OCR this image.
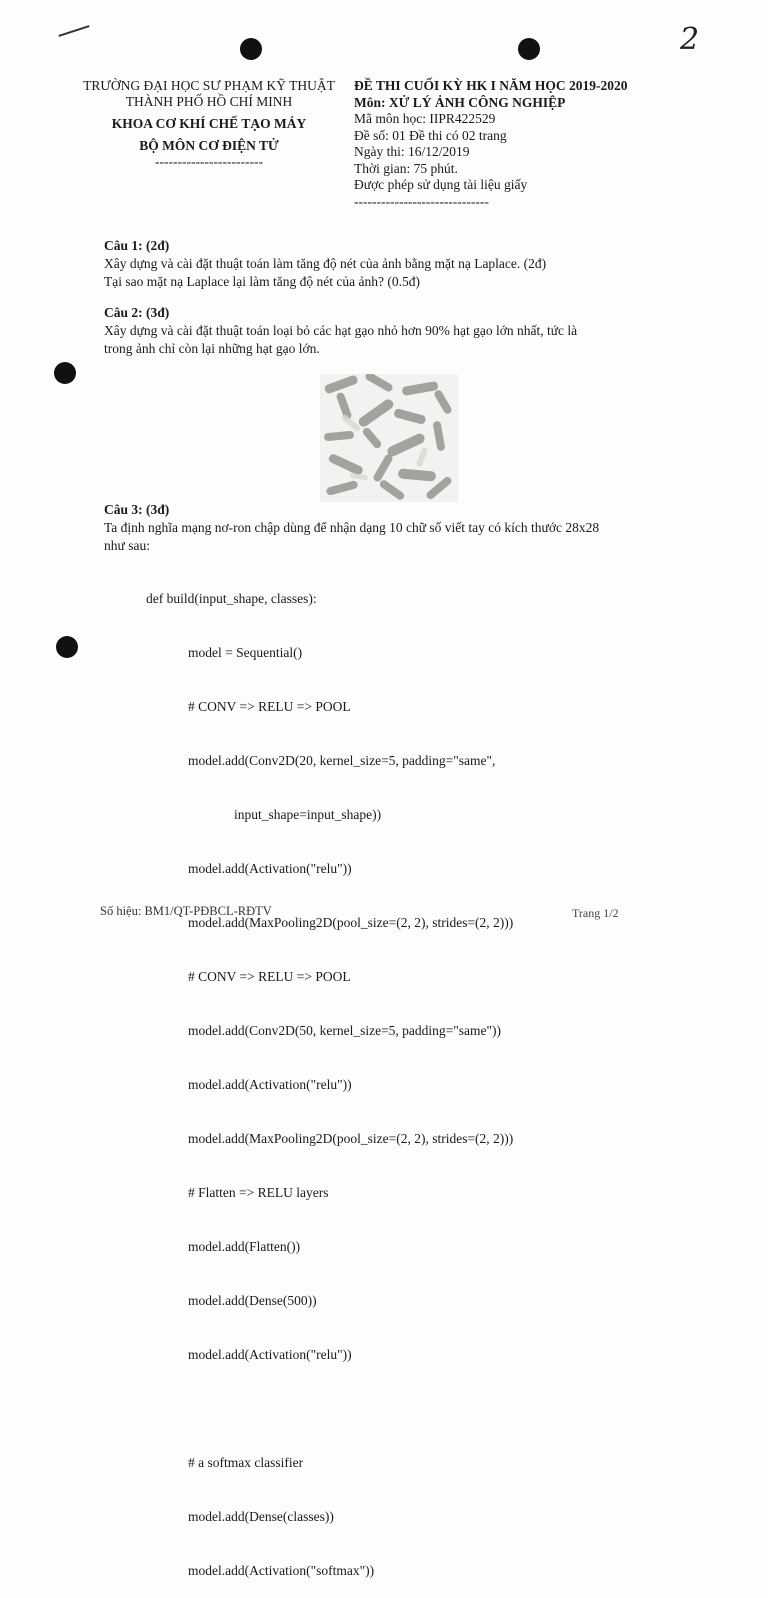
2
TRƯỜNG ĐẠI HỌC SƯ PHẠM KỸ THUẬT
THÀNH PHỐ HỒ CHÍ MINH
KHOA CƠ KHÍ CHẾ TẠO MÁY
BỘ MÔN CƠ ĐIỆN TỬ
------------------------
ĐỀ THI CUỐI KỲ HK I NĂM HỌC 2019-2020
Môn: XỬ LÝ ẢNH CÔNG NGHIỆP
Mã môn học: IIPR422529
Đề số: 01 Đề thi có 02 trang
Ngày thi: 16/12/2019
Thời gian: 75 phút.
Được phép sử dụng tài liệu giấy
------------------------------
Câu 1: (2đ)
Xây dựng và cài đặt thuật toán làm tăng độ nét của ảnh bằng mặt nạ Laplace. (2đ)
Tại sao mặt nạ Laplace lại làm tăng độ nét của ảnh? (0.5đ)
Câu 2: (3đ)
Xây dựng và cài đặt thuật toán loại bỏ các hạt gạo nhỏ hơn 90% hạt gạo lớn nhất, tức là
trong ảnh chỉ còn lại những hạt gạo lớn.
Câu 3: (3đ)
Ta định nghĩa mạng nơ-ron chập dùng để nhận dạng 10 chữ số viết tay có kích thước 28x28
như sau:

def build(input_shape, classes):

model = Sequential()

# CONV => RELU => POOL

model.add(Conv2D(20, kernel_size=5, padding="same",

input_shape=input_shape))

model.add(Activation("relu"))

model.add(MaxPooling2D(pool_size=(2, 2), strides=(2, 2)))

# CONV => RELU => POOL

model.add(Conv2D(50, kernel_size=5, padding="same"))

model.add(Activation("relu"))

model.add(MaxPooling2D(pool_size=(2, 2), strides=(2, 2)))

# Flatten => RELU layers

model.add(Flatten())

model.add(Dense(500))

model.add(Activation("relu"))

# a softmax classifier

model.add(Dense(classes))

model.add(Activation("softmax"))

Số hiệu: BM1/QT-PĐBCL-RĐTV	Trang 1/2
